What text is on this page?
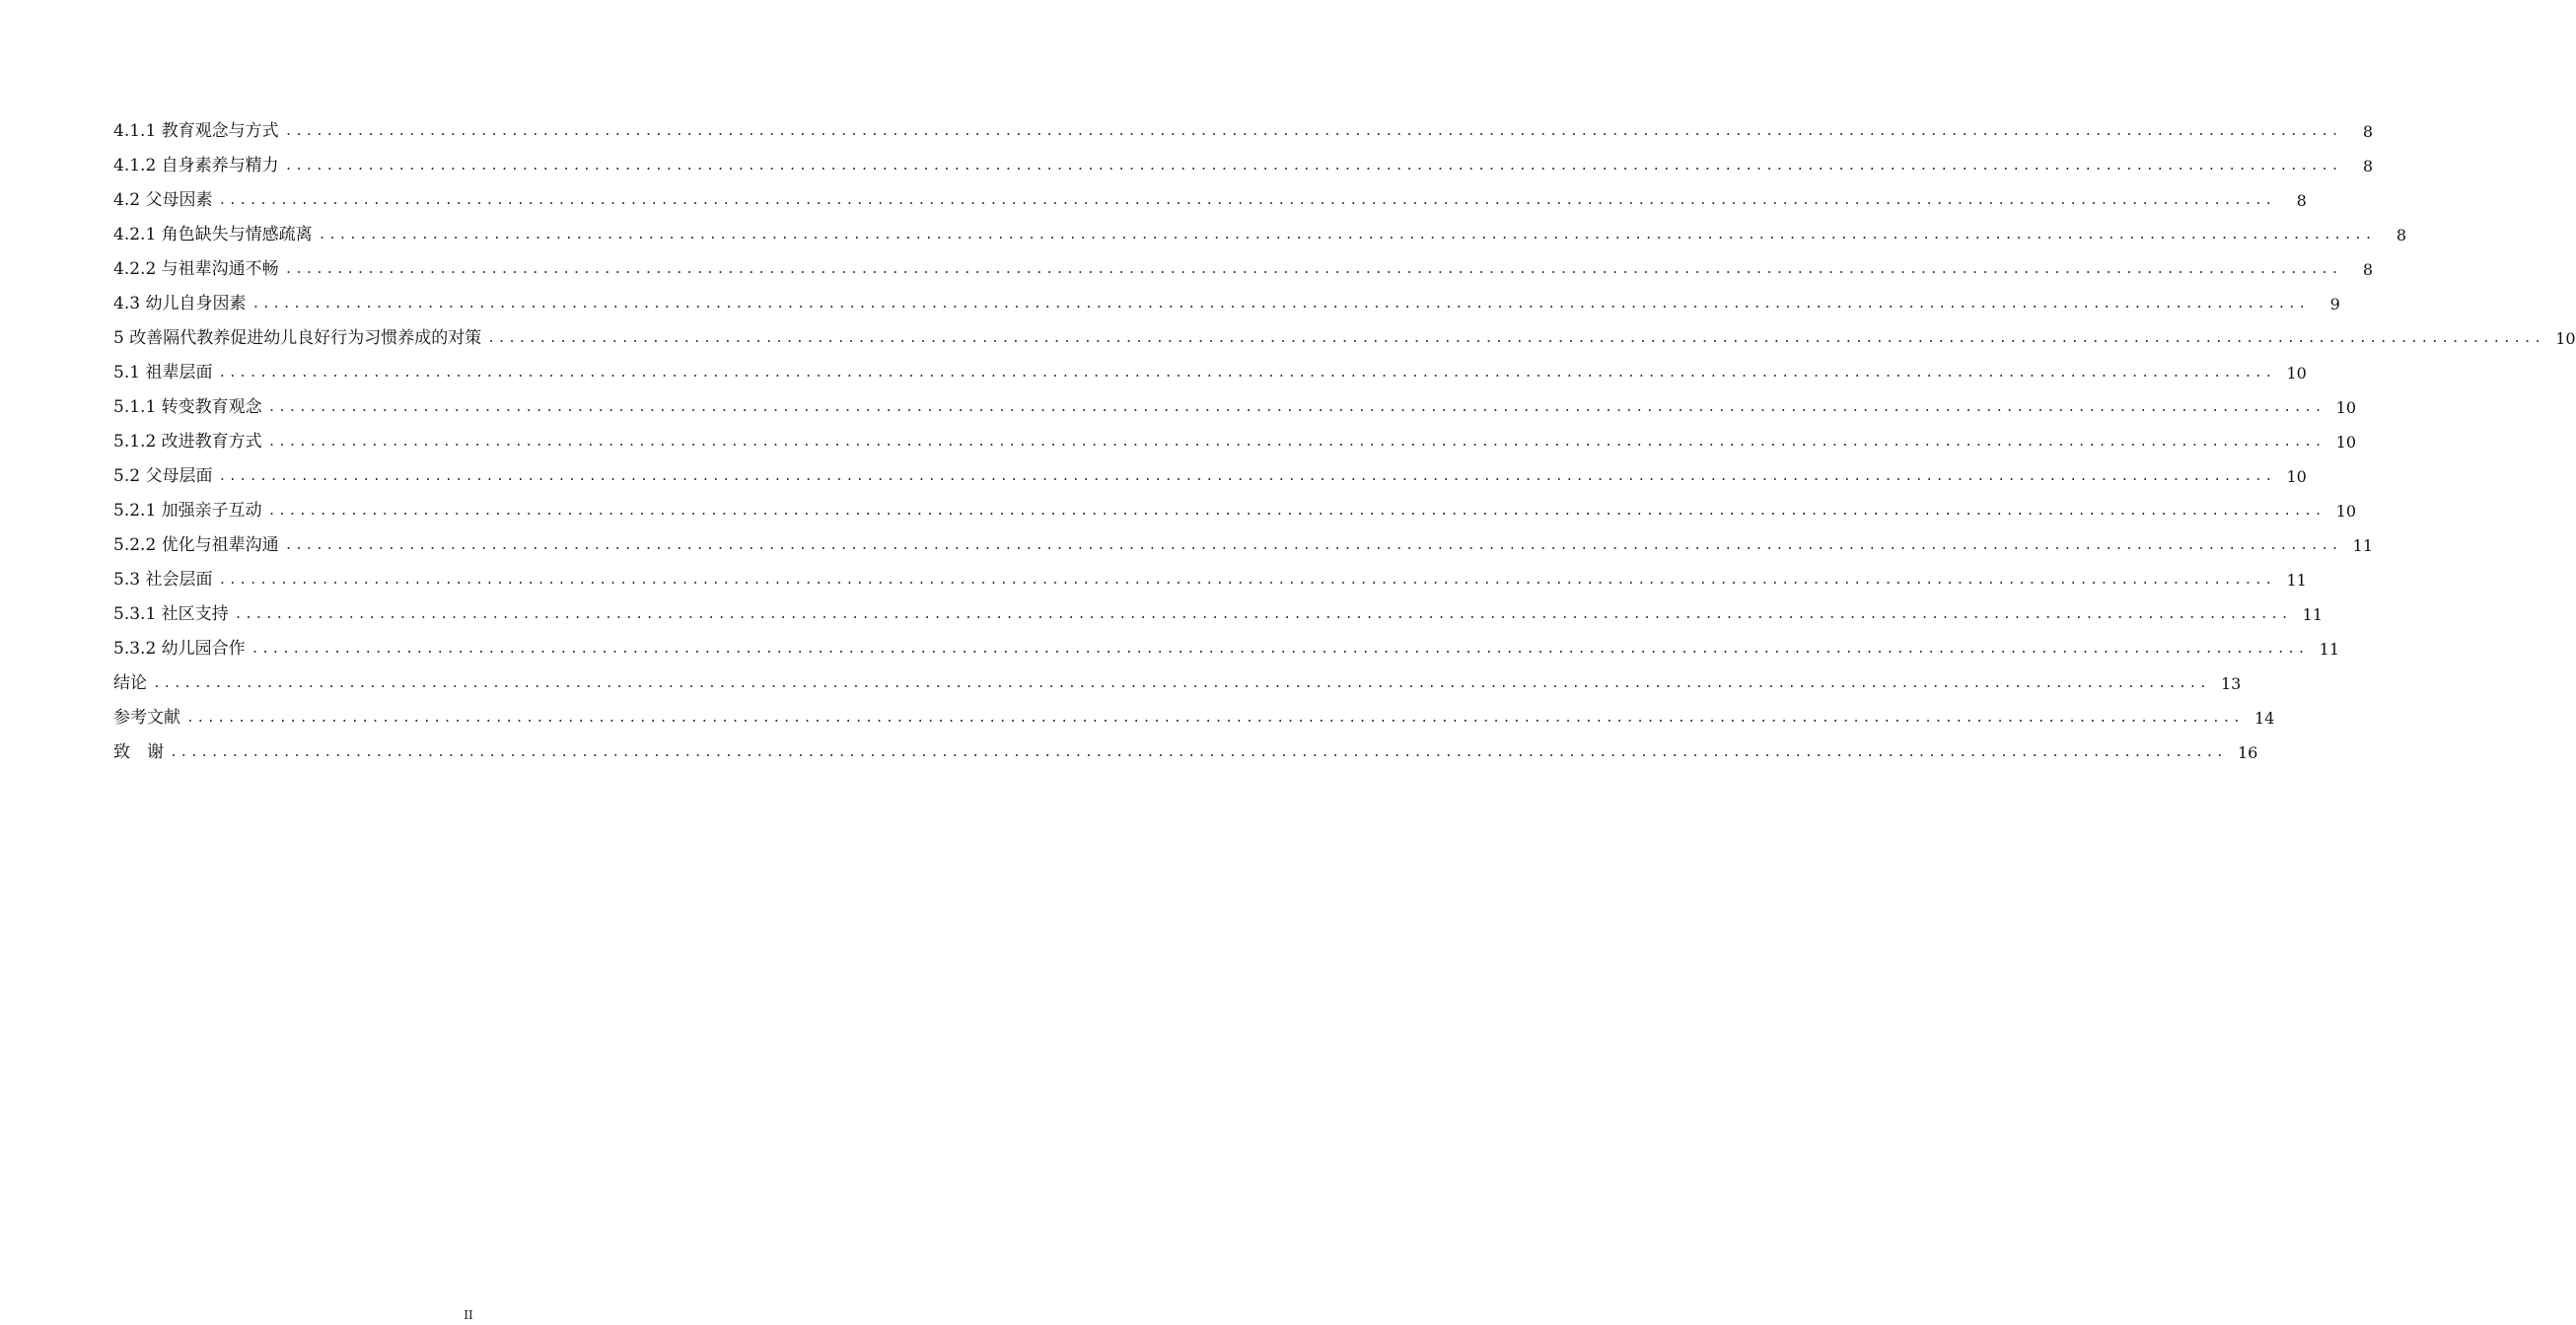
4.1.1 教育观念与方式 ........................................................................................................................................................................................................	8
4.1.2 自身素养与精力 ........................................................................................................................................................................................................	8
4.2 父母因素 ........................................................................................................................................................................................................	8
4.2.1 角色缺失与情感疏离 ........................................................................................................................................................................................................	8
4.2.2 与祖辈沟通不畅 ........................................................................................................................................................................................................	8
4.3 幼儿自身因素 ........................................................................................................................................................................................................	9
5 改善隔代教养促进幼儿良好行为习惯养成的对策 ........................................................................................................................................................................................................ 10
5.1 祖辈层面 ........................................................................................................................................................................................................ 10
5.1.1 转变教育观念 ........................................................................................................................................................................................................ 10
5.1.2 改进教育方式 ........................................................................................................................................................................................................ 10
5.2 父母层面 ........................................................................................................................................................................................................ 10
5.2.1 加强亲子互动 ........................................................................................................................................................................................................ 10
5.2.2 优化与祖辈沟通 ........................................................................................................................................................................................................ 11
5.3 社会层面 ........................................................................................................................................................................................................ 11
5.3.1 社区支持 ........................................................................................................................................................................................................ 11
5.3.2 幼儿园合作 ........................................................................................................................................................................................................ 11
结论 ........................................................................................................................................................................................................ 13
参考文献 ........................................................................................................................................................................................................ 14
致　谢 ........................................................................................................................................................................................................ 16
II
